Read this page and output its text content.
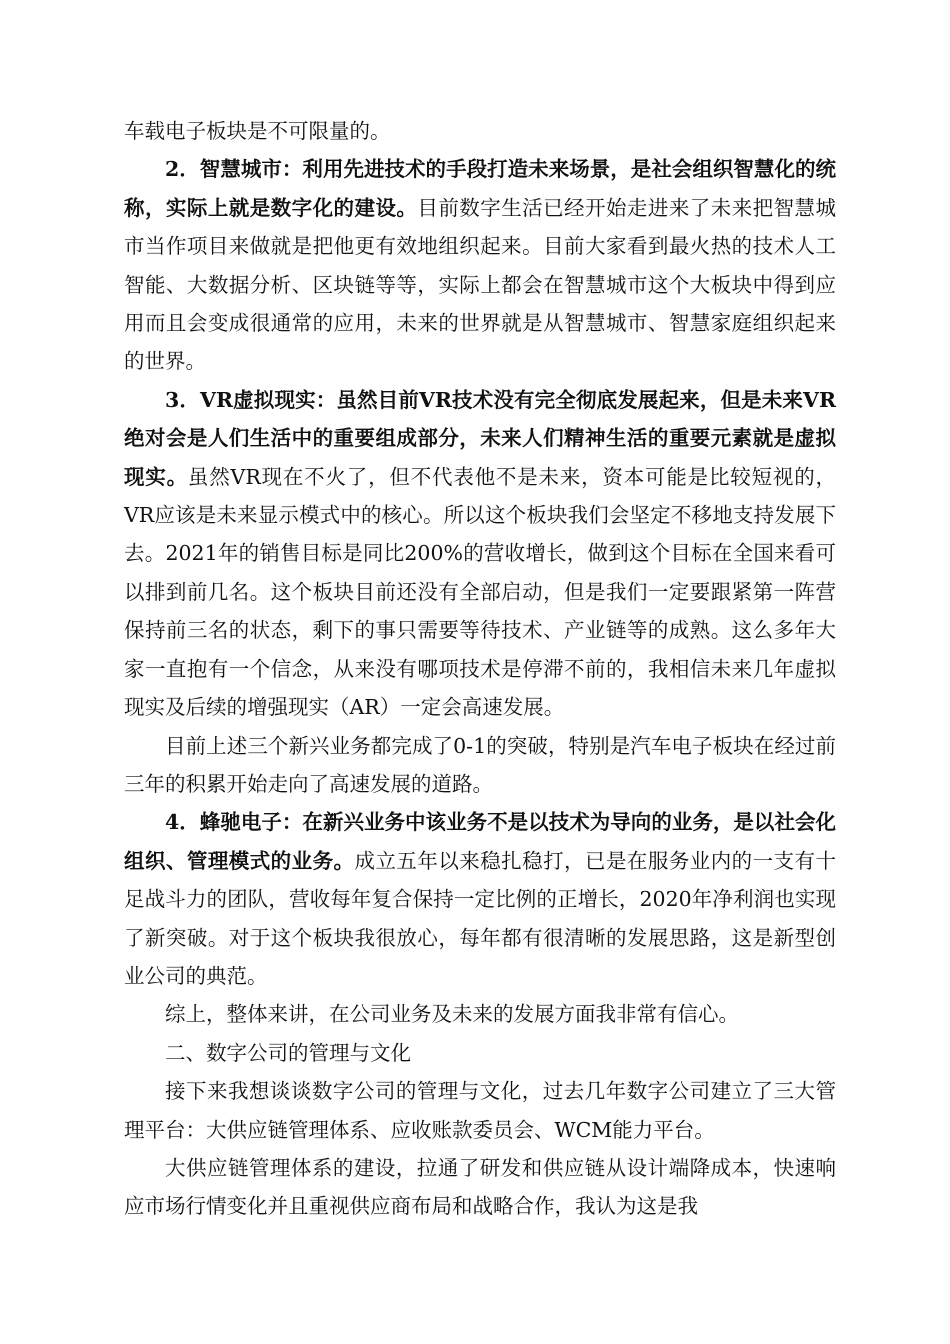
车载电子板块是不可限量的。

2．智慧城市：利用先进技术的手段打造未来场景，是社会组织智慧化的统称，实际上就是数字化的建设。目前数字生活已经开始走进来了未来把智慧城市当作项目来做就是把他更有效地组织起来。目前大家看到最火热的技术人工智能、大数据分析、区块链等等，实际上都会在智慧城市这个大板块中得到应用而且会变成很通常的应用，未来的世界就是从智慧城市、智慧家庭组织起来的世界。

3．VR虚拟现实：虽然目前VR技术没有完全彻底发展起来，但是未来VR绝对会是人们生活中的重要组成部分，未来人们精神生活的重要元素就是虚拟现实。虽然VR现在不火了，但不代表他不是未来，资本可能是比较短视的，VR应该是未来显示模式中的核心。所以这个板块我们会坚定不移地支持发展下去。2021年的销售目标是同比200%的营收增长，做到这个目标在全国来看可以排到前几名。这个板块目前还没有全部启动，但是我们一定要跟紧第一阵营保持前三名的状态，剩下的事只需要等待技术、产业链等的成熟。这么多年大家一直抱有一个信念，从来没有哪项技术是停滞不前的，我相信未来几年虚拟现实及后续的增强现实（AR）一定会高速发展。

目前上述三个新兴业务都完成了0-1的突破，特别是汽车电子板块在经过前三年的积累开始走向了高速发展的道路。

4．蜂驰电子：在新兴业务中该业务不是以技术为导向的业务，是以社会化组织、管理模式的业务。成立五年以来稳扎稳打，已是在服务业内的一支有十足战斗力的团队，营收每年复合保持一定比例的正增长，2020年净利润也实现了新突破。对于这个板块我很放心，每年都有很清晰的发展思路，这是新型创业公司的典范。

综上，整体来讲，在公司业务及未来的发展方面我非常有信心。

二、数字公司的管理与文化

接下来我想谈谈数字公司的管理与文化，过去几年数字公司建立了三大管理平台：大供应链管理体系、应收账款委员会、WCM能力平台。

大供应链管理体系的建设，拉通了研发和供应链从设计端降成本，快速响应市场行情变化并且重视供应商布局和战略合作，我认为这是我
